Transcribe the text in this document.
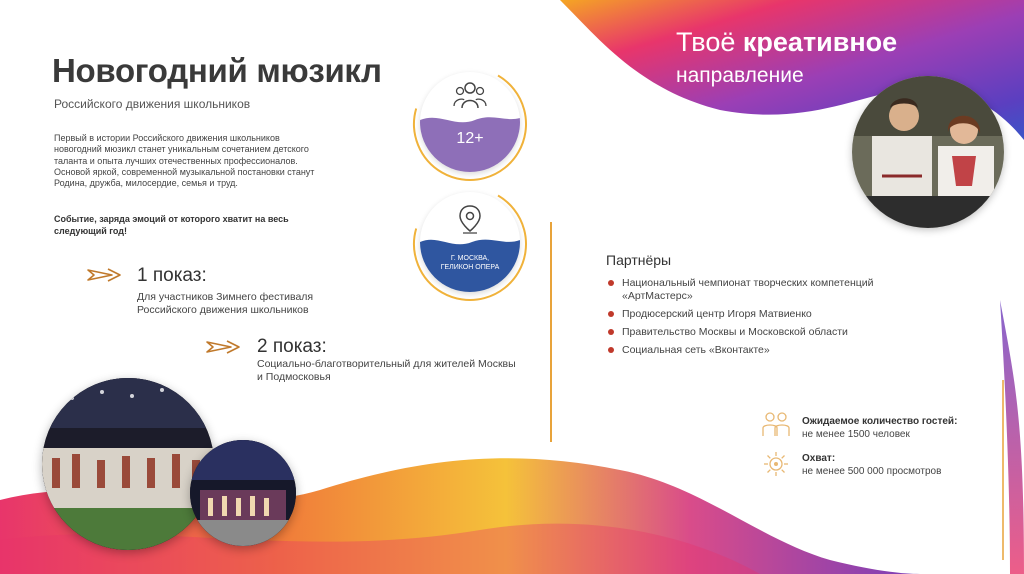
Новогодний мюзикл
Российского движения школьников
Первый в истории Российского движения школьников новогодний мюзикл станет уникальным сочетанием детского таланта и опыта лучших отечественных профессионалов. Основой яркой, современной музыкальной постановки станут Родина, дружба, милосердие, семья и труд.
Событие, заряда эмоций от которого хватит на весь следующий год!
1 показ:
Для участников Зимнего фестиваля Российского движения школьников
2 показ:
Социально-благотворительный для жителей Москвы и Подмосковья
12+
Г. МОСКВА, ГЕЛИКОН ОПЕРА
Твоё креативное
направление
Партнёры
Национальный чемпионат творческих компетенций «АртМастерс»
Продюсерский центр Игоря Матвиенко
Правительство Москвы и Московской области
Социальная сеть «Вконтакте»
Ожидаемое количество гостей:
не менее 1500 человек
Охват:
не менее 500 000 просмотров
